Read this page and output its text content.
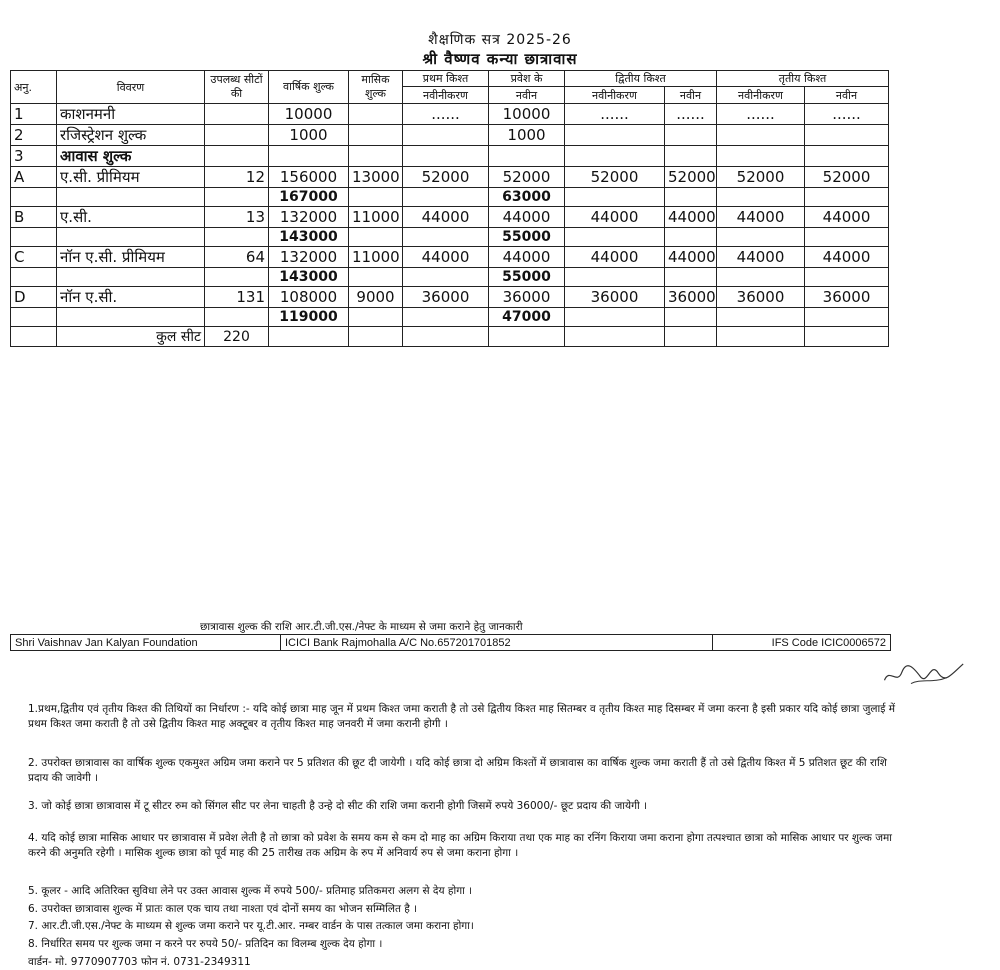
शैक्षणिक सत्र 2025-26
श्री वैष्णव कन्या छात्रावास
अनु.	विवरण	उपलब्ध सीटों की	वार्षिक शुल्क	मासिक शुल्क	प्रथम किश्त	प्रवेश के	द्वितीय किश्त		तृतीय किश्त	
					नवीनीकरण	नवीन	नवीनीकरण	नवीन	नवीनीकरण	नवीन
1	काशनमनी		10000		......	10000	......	......	......	......
2	रजिस्ट्रेशन शुल्क		1000			1000				
3	आवास शुल्क									
A	ए.सी. प्रीमियम	12	156000	13000	52000	52000	52000	52000	52000	52000
			167000			63000				
B	ए.सी.	13	132000	11000	44000	44000	44000	44000	44000	44000
			143000			55000				
C	नॉन ए.सी. प्रीमियम	64	132000	11000	44000	44000	44000	44000	44000	44000
			143000			55000				
D	नॉन ए.सी.	131	108000	9000	36000	36000	36000	36000	36000	36000
			119000			47000				
	कुल सीट	220								

1.प्रथम,द्वितीय एवं तृतीय किश्त की तिथियों का निर्धारण :- यदि कोई छात्रा माह जून में प्रथम किश्त जमा कराती है तो उसे द्वितीय किश्त माह सितम्बर व तृतीय किश्त माह दिसम्बर में जमा करना है इसी प्रकार यदि कोई छात्रा जुलाई में प्रथम किश्त जमा कराती है तो उसे द्वितीय किश्त माह अक्टूबर व तृतीय किश्त माह जनवरी में जमा करानी होगी ।

2. उपरोक्त छात्रावास का वार्षिक शुल्क एकमुश्त अग्रिम जमा कराने पर 5 प्रतिशत की छूट दी जायेगी । यदि कोई छात्रा दो अग्रिम किश्तों में छात्रावास का वार्षिक शुल्क जमा कराती हैं तो उसे द्वितीय किश्त में 5 प्रतिशत छूट की राशि प्रदाय की जावेगी ।

3. जो कोई छात्रा छात्रावास में टू सीटर रुम को सिंगल सीट पर लेना चाहती है उन्हे दो सीट की राशि जमा करानी होगी जिसमें रुपये 36000/- छूट प्रदाय की जायेगी ।

4. यदि कोई छात्रा मासिक आधार पर छात्रावास में प्रवेश लेती है तो छात्रा को प्रवेश के समय कम से कम दो माह का अग्रिम किराया तथा एक माह का रनिंग किराया जमा कराना होगा तत्पश्चात छात्रा को मासिक आधार पर शुल्क जमा करने की अनुमति रहेगी । मासिक शुल्क छात्रा को पूर्व माह की 25 तारीख तक अग्रिम के रुप में अनिवार्य रुप से जमा कराना होगा ।

5. कूलर - आदि अतिरिक्त सुविधा लेने पर उक्त आवास शुल्क में रुपये 500/- प्रतिमाह प्रतिकमरा अलग से देय होगा ।

6. उपरोक्त छात्रावास शुल्क में प्रातः काल एक चाय तथा नाश्ता एवं दोनों समय का भोजन सम्मिलित है ।

7. आर.टी.जी.एस./नेफ्ट के माध्यम से शुल्क जमा कराने पर यू.टी.आर. नम्बर वार्डन के पास तत्काल जमा कराना होगा।

8. निर्धारित समय पर शुल्क जमा न करने पर रुपये 50/- प्रतिदिन का विलम्ब शुल्क देय होगा ।

वार्डन- मो. 9770907703 फोन नं. 0731-2349311

छात्रावास शुल्क की राशि आर.टी.जी.एस./नेफ्ट के माध्यम से जमा कराने हेतु जानकारी
Shri Vaishnav Jan Kalyan Foundation	ICICI Bank Rajmohalla A/C No.657201701852	IFS Code ICIC0006572
